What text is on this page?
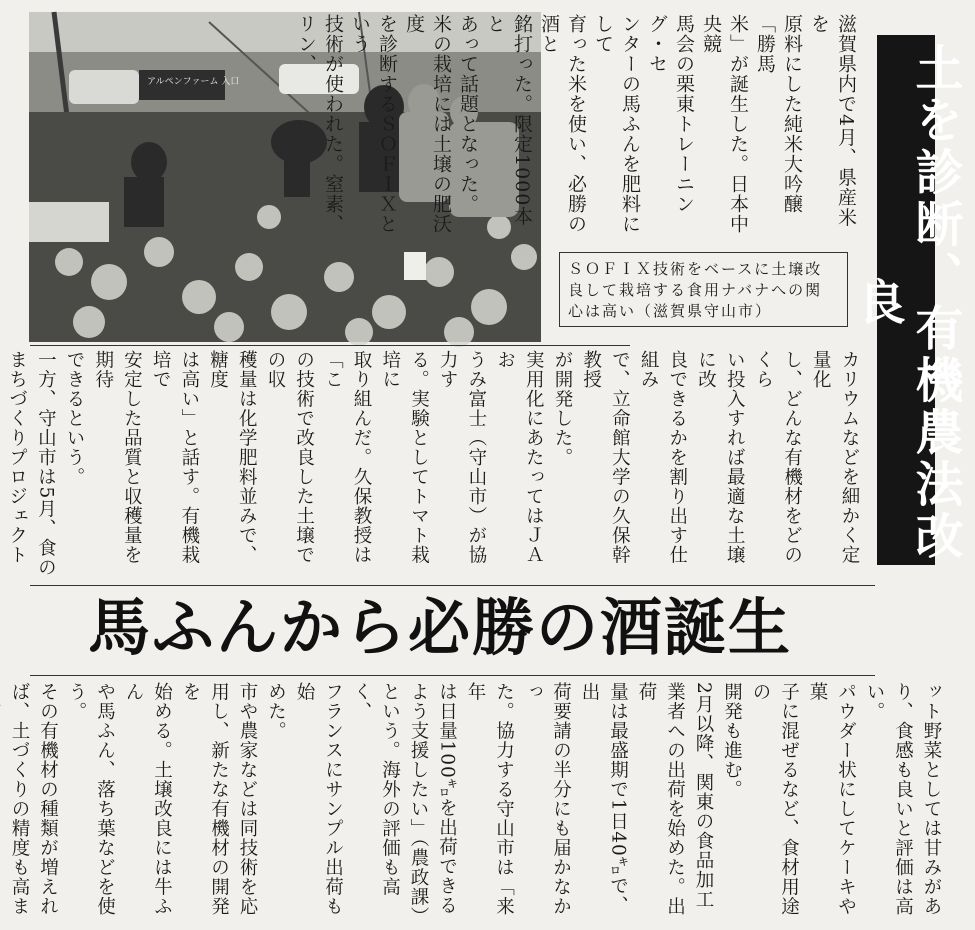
アルペンファーム 入口
ＳＯＦＩＸ技術をベースに土壌改良して栽培する食用ナバナへの関心は高い（滋賀県守山市）	土を診断、有機農法改良
滋賀県内で4月、県産米を
原料にした純米大吟醸「勝馬
米」が誕生した。日本中央競
馬会の栗東トレーニング・セ
ンターの馬ふんを肥料にして
育った米を使い、必勝の酒と
銘打った。限定1000本と
あって話題となった。
米の栽培には土壌の肥沃度
を診断するＳＯＦＩＸという
技術が使われた。窒素、リン、
カリウムなどを細かく定量化
し、どんな有機材をどのくら
い投入すれば最適な土壌に改
良できるかを割り出す仕組み
で、立命館大学の久保幹教授
が開発した。
実用化にあたってはＪＡお
うみ富士（守山市）が協力す
る。実験としてトマト栽培に
取り組んだ。久保教授は「こ
の技術で改良した土壌での収
穫量は化学肥料並みで、糖度
は高い」と話す。有機栽培で
安定した品質と収穫量を期待
できるという。
一方、守山市は5月、食の
まちづくりプロジェクト
馬ふんから必勝の酒誕生
ット野菜としては甘みがあ
り、食感も良いと評価は高い。
パウダー状にしてケーキや菓
子に混ぜるなど、食材用途の
開発も進む。
2月以降、関東の食品加工
業者への出荷を始めた。出荷
量は最盛期で1日40㌔で、出
荷要請の半分にも届かなかっ
た。協力する守山市は「来年
は日量100㌔を出荷できる
よう支援したい」（農政課）
という。海外の評価も高く、
フランスにサンプル出荷も始
めた。
市や農家などは同技術を応
用し、新たな有機材の開発を
始める。土壌改良には牛ふん
や馬ふん、落ち葉などを使う。
その有機材の種類が増えれ
ば、土づくりの精度も高ま
